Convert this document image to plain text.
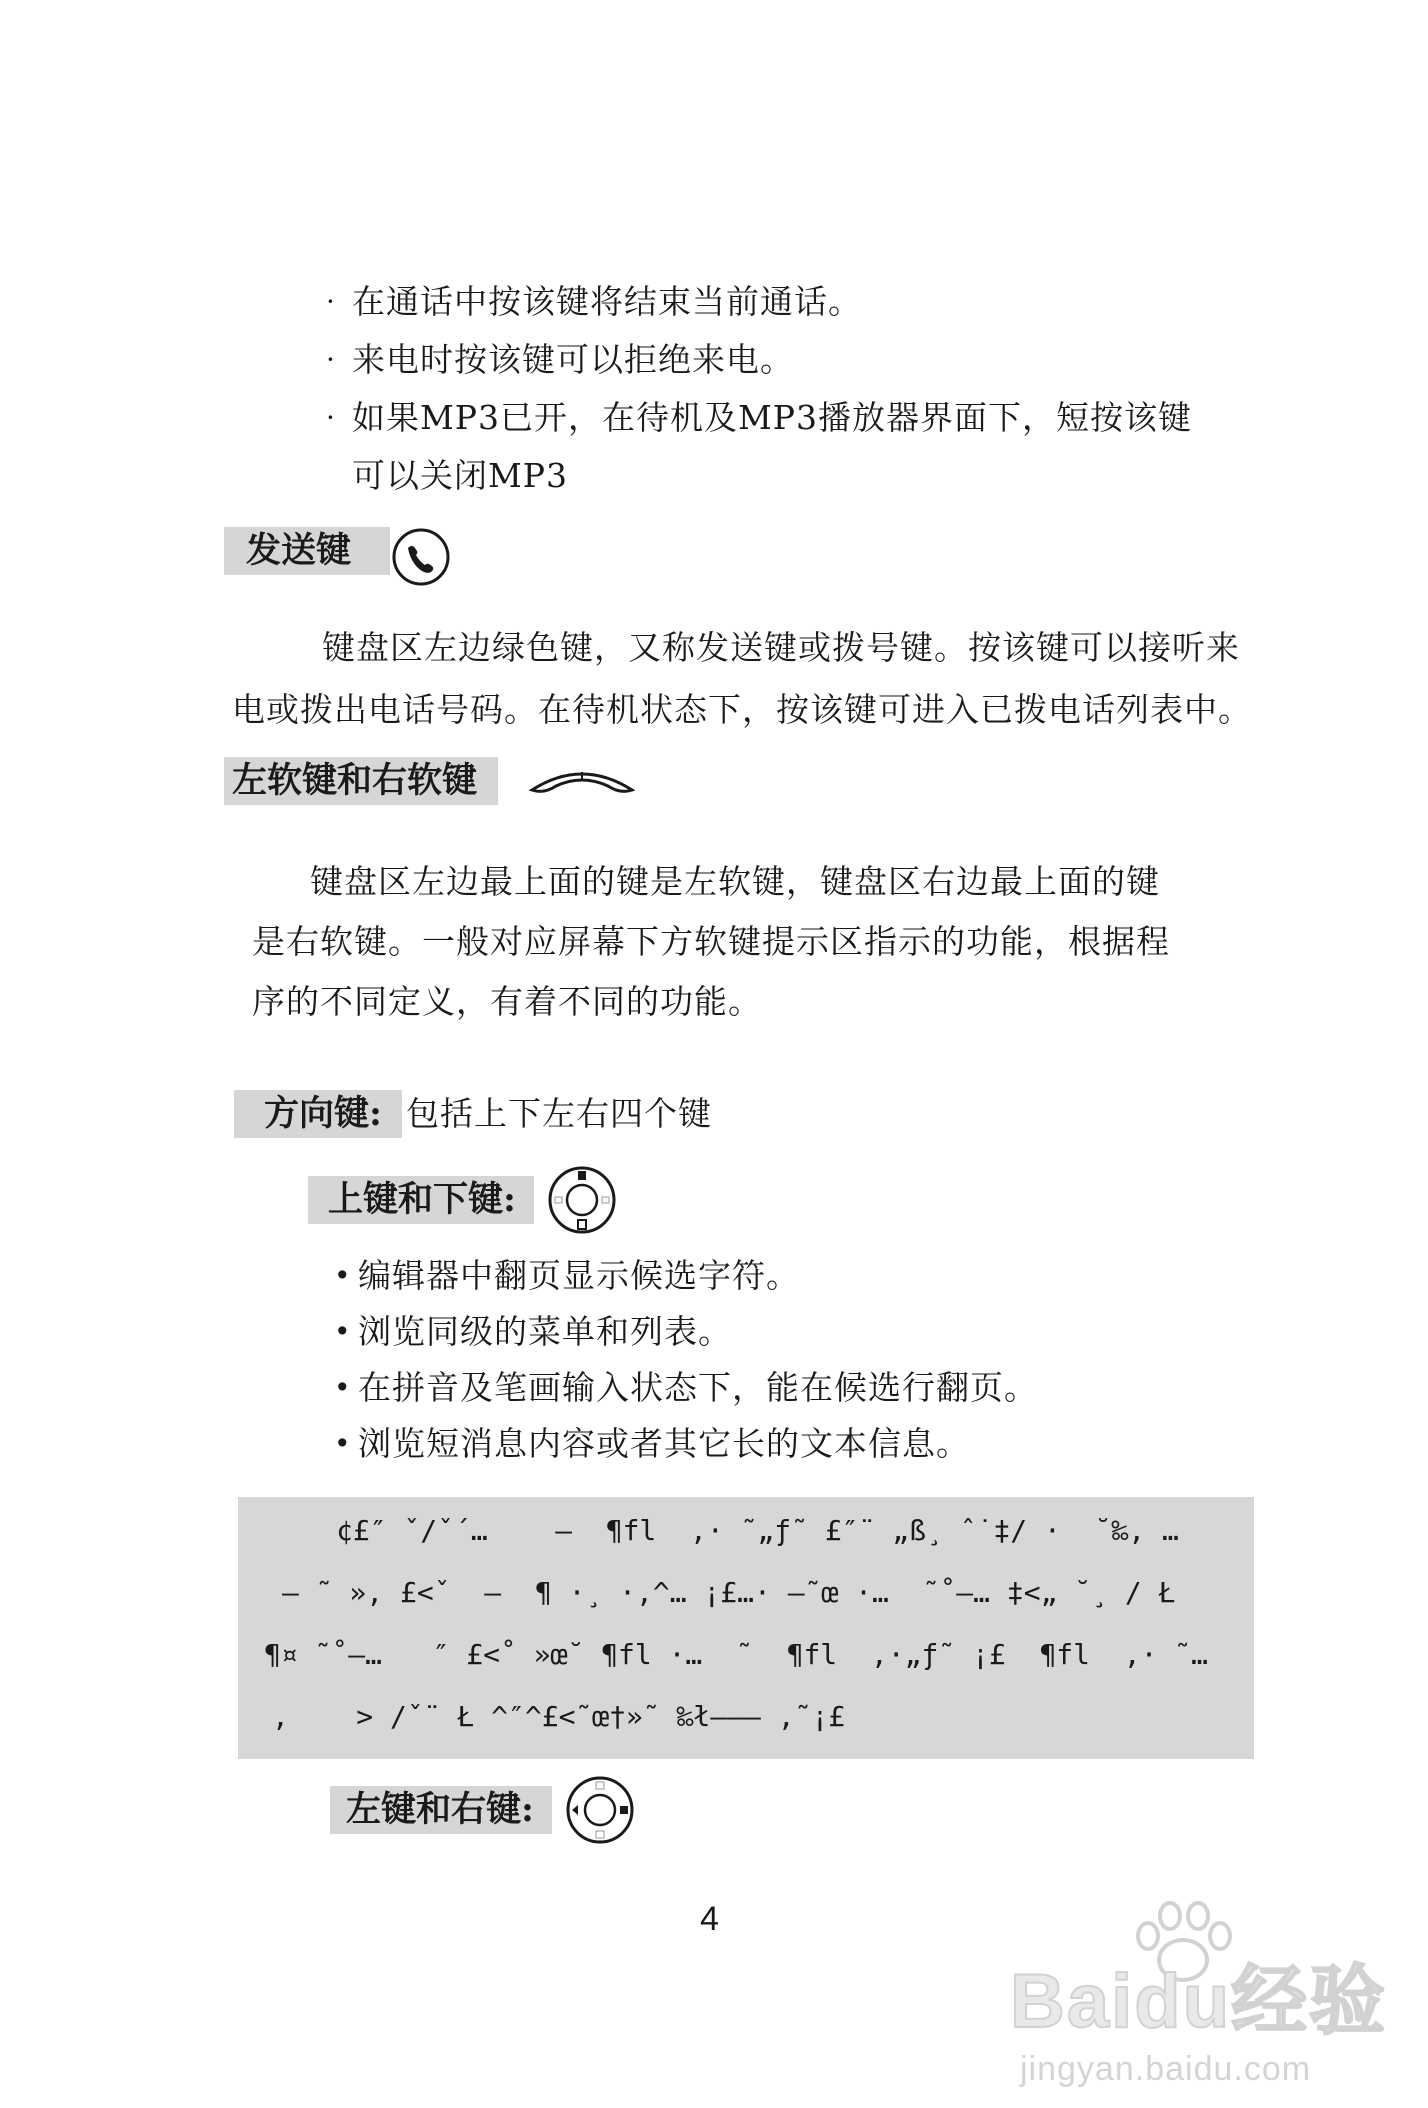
· 在通话中按该键将结束当前通话。
· 来电时按该键可以拒绝来电。
· 如果MP3已开，在待机及MP3播放器界面下，短按该键
可以关闭MP3
发送键
键盘区左边绿色键，又称发送键或拨号键。按该键可以接听来
电或拨出电话号码。在待机状态下，按该键可进入已拨电话列表中。
左软键和右软键
键盘区左边最上面的键是左软键，键盘区右边最上面的键
是右软键。一般对应屏幕下方软键提示区指示的功能，根据程
序的不同定义，有着不同的功能。
方向键: 包括上下左右四个键
上键和下键:
• 编辑器中翻页显示候选字符。
• 浏览同级的菜单和列表。
• 在拼音及笔画输入状态下，能在候选行翻页。
• 浏览短消息内容或者其它长的文本信息。
¢£″ ˇ/ˇ´…    —  ¶fl  ,· ˜„ƒ˜ £″¨ „ß¸ ˆ˙‡/ ·  ˘‰, …
— ˜ », £<ˇ  –  ¶ ·¸ ·,^… ¡£…· –˜œ ·…  ˜˚–… ‡<„ ˘¸ / Ł
¶¤ ˜˚–…   ″ £<˚ »œ˘ ¶fl ·…  ˜  ¶fl  ,·„ƒ˜ ¡£  ¶fl  ,· ˜…
,    > /ˇ¨ Ł ^″^£<˜œ†»˜ ‰ł——— ,˜¡£
左键和右键:
4
Baidu经验
jingyan.baidu.com
